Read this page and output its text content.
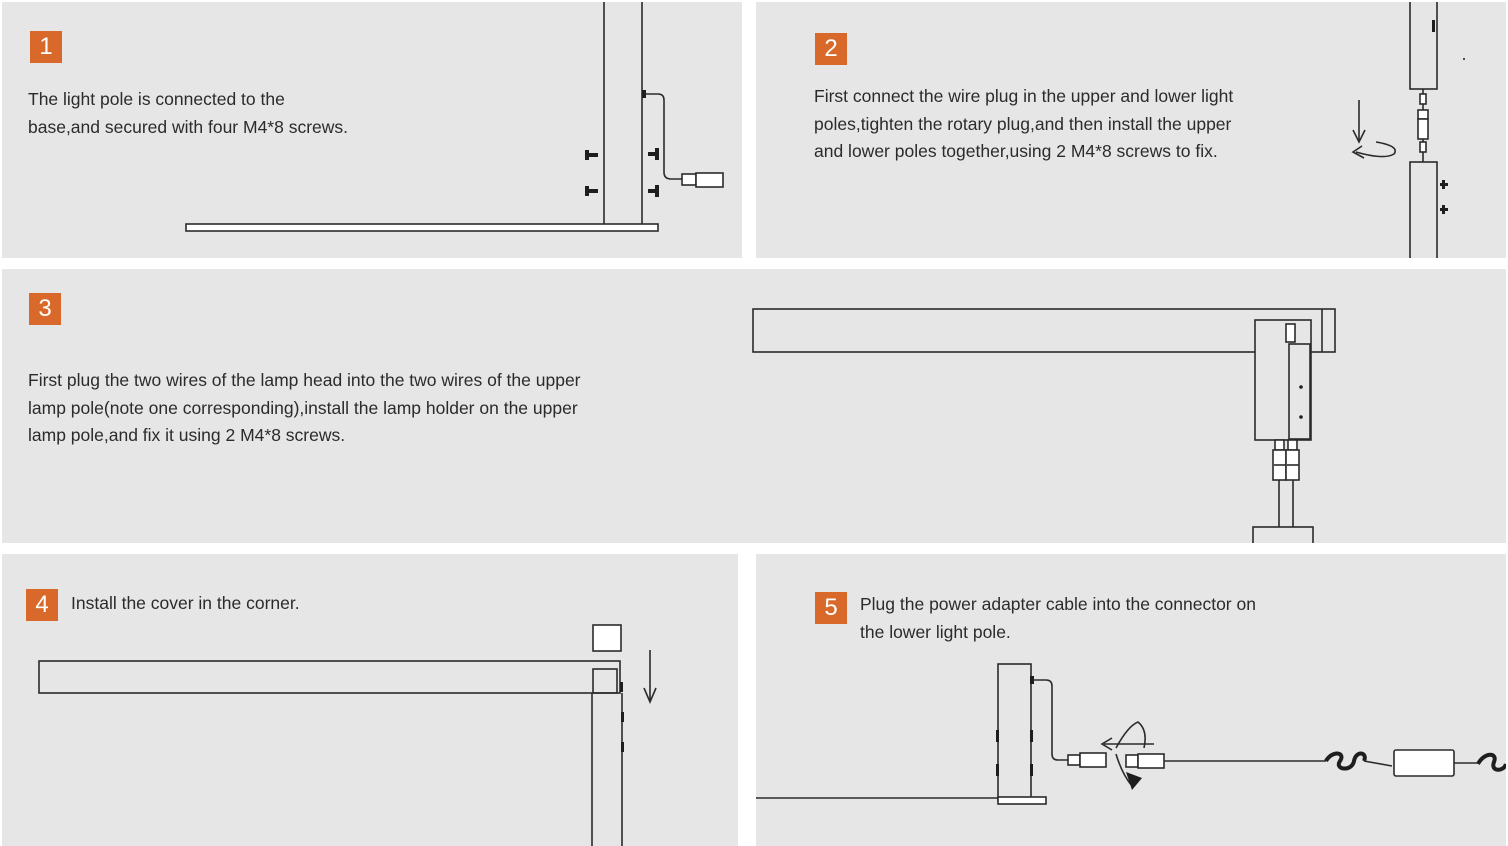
1

The light pole is connected to the
base,and secured with four M4*8 screws.

2

First connect the wire plug in the upper and lower light
poles,tighten the rotary plug,and then install the upper
and lower poles together,using 2 M4*8 screws to fix.

3

First plug the two wires of the lamp head into the two wires of the upper
lamp pole(note one corresponding),install the lamp holder on the upper
lamp pole,and fix it using 2 M4*8 screws.

4	Install the cover in the corner.	5	Plug the power adapter cable into the connector on
the lower light pole.
